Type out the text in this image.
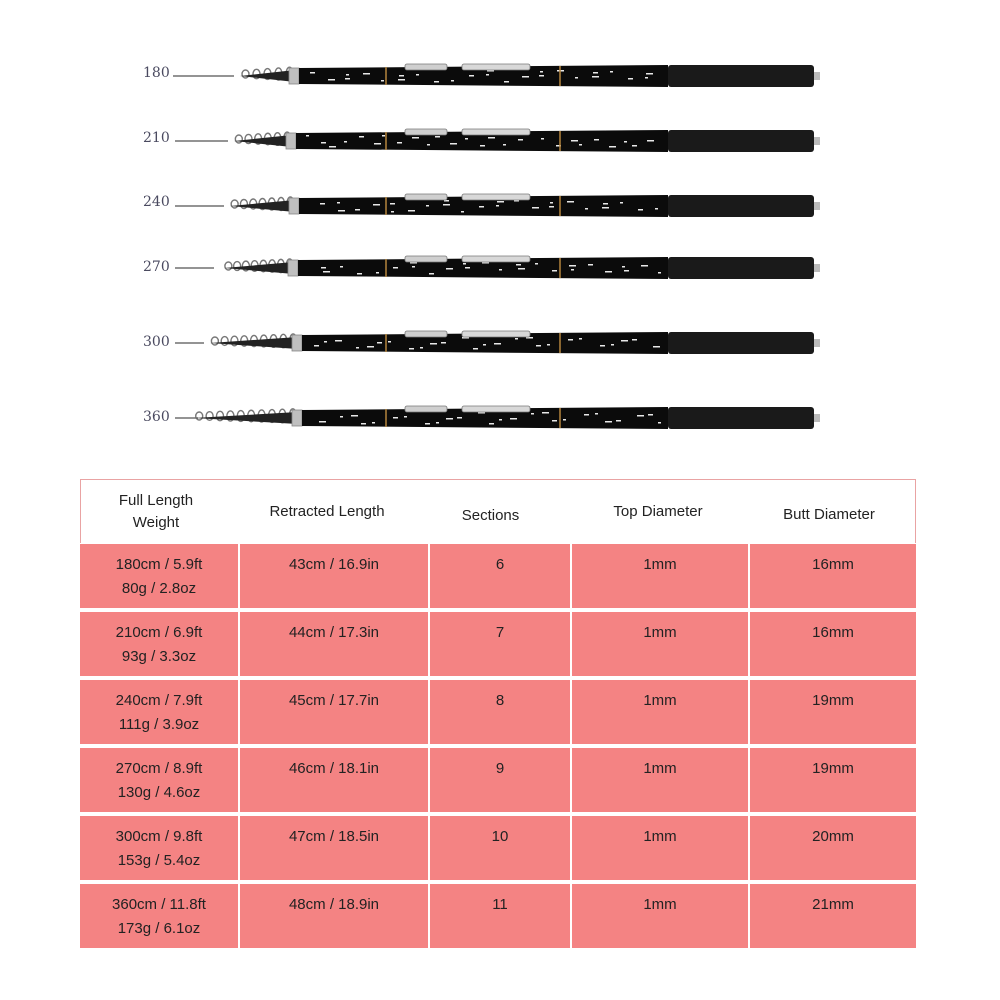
180
210
240
270
300
360
Full Length
Weight
Retracted Length	Sections	Top Diameter	Butt Diameter
180cm / 5.9ft
80g / 2.8oz
43cm / 16.9in	6	1mm	16mm
210cm / 6.9ft
93g / 3.3oz
44cm / 17.3in	7	1mm	16mm
240cm / 7.9ft
111g / 3.9oz
45cm / 17.7in	8	1mm	19mm
270cm / 8.9ft
130g / 4.6oz
46cm / 18.1in	9	1mm	19mm
300cm / 9.8ft
153g / 5.4oz
47cm / 18.5in	10	1mm	20mm
360cm / 11.8ft
173g / 6.1oz
48cm / 18.9in	11	1mm	21mm
